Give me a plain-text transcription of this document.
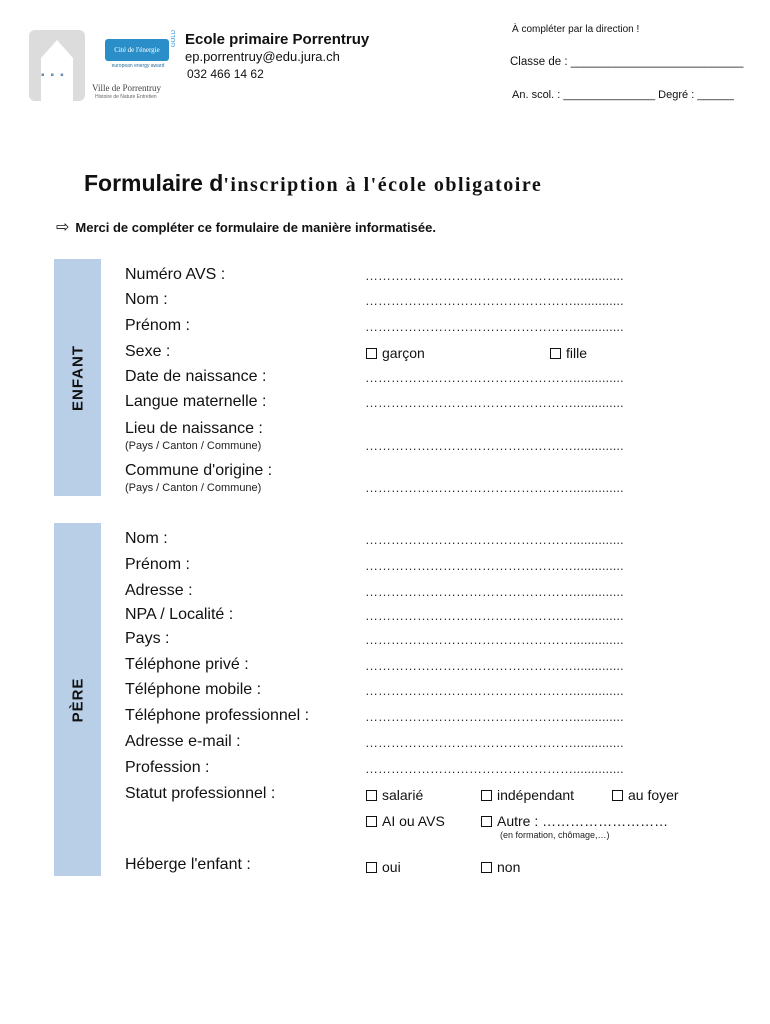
▪▪▪
Cité de l'énergie
european energy award
GOLD
Ville de Porrentruy
Histoire de Nature Entretien
Ecole primaire Porrentruy
ep.porrentruy@edu.jura.ch
032 466 14 62
À compléter par la direction !
Classe de : ___________________________
An. scol. : _______________ Degré : ______
Formulaire d'inscription à l'école obligatoire
⇨ Merci de compléter ce formulaire de manière informatisée.
ENFANT
Numéro AVS :	…………………………………………..............
Nom :	…………………………………………..............
Prénom :	…………………………………………..............
Sexe :	garçon	fille
Date de naissance :	…………………………………………..............
Langue maternelle :	…………………………………………..............
Lieu de naissance :
(Pays / Canton / Commune)	…………………………………………..............
Commune d'origine :
(Pays / Canton / Commune)	…………………………………………..............
PÈRE
Nom :	…………………………………………..............
Prénom :	…………………………………………..............
Adresse :	…………………………………………..............
NPA / Localité :	…………………………………………..............
Pays :	…………………………………………..............
Téléphone privé :	…………………………………………..............
Téléphone mobile :	…………………………………………..............
Téléphone professionnel :	…………………………………………..............
Adresse e-mail :	…………………………………………..............
Profession :	…………………………………………..............
Statut professionnel :	salarié	indépendant	au foyer
AI ou AVS	Autre : ………………………
(en formation, chômage,…)
Héberge l'enfant :	oui	non
